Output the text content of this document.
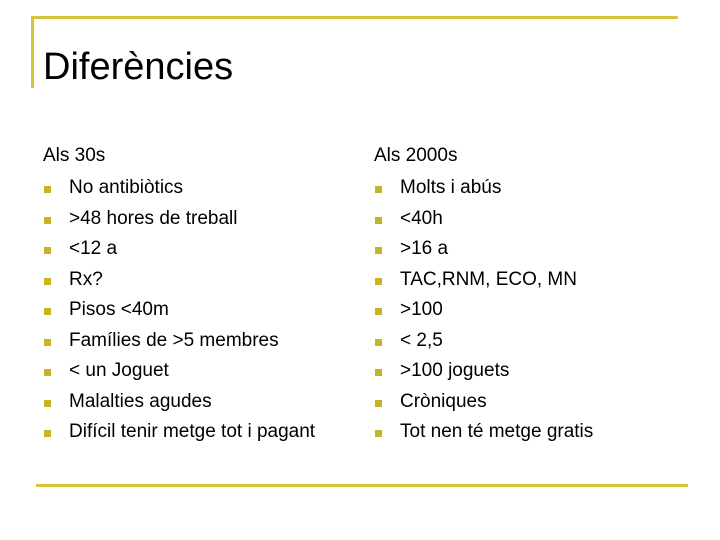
Diferències
Als 30s
No antibiòtics
>48 hores de treball
<12 a
Rx?
Pisos <40m
Famílies de >5 membres
< un Joguet
Malalties agudes
Difícil tenir metge tot i pagant
Als 2000s
Molts i abús
<40h
>16 a
TAC,RNM, ECO, MN
>100
< 2,5
>100 joguets
Cròniques
Tot nen té metge gratis
